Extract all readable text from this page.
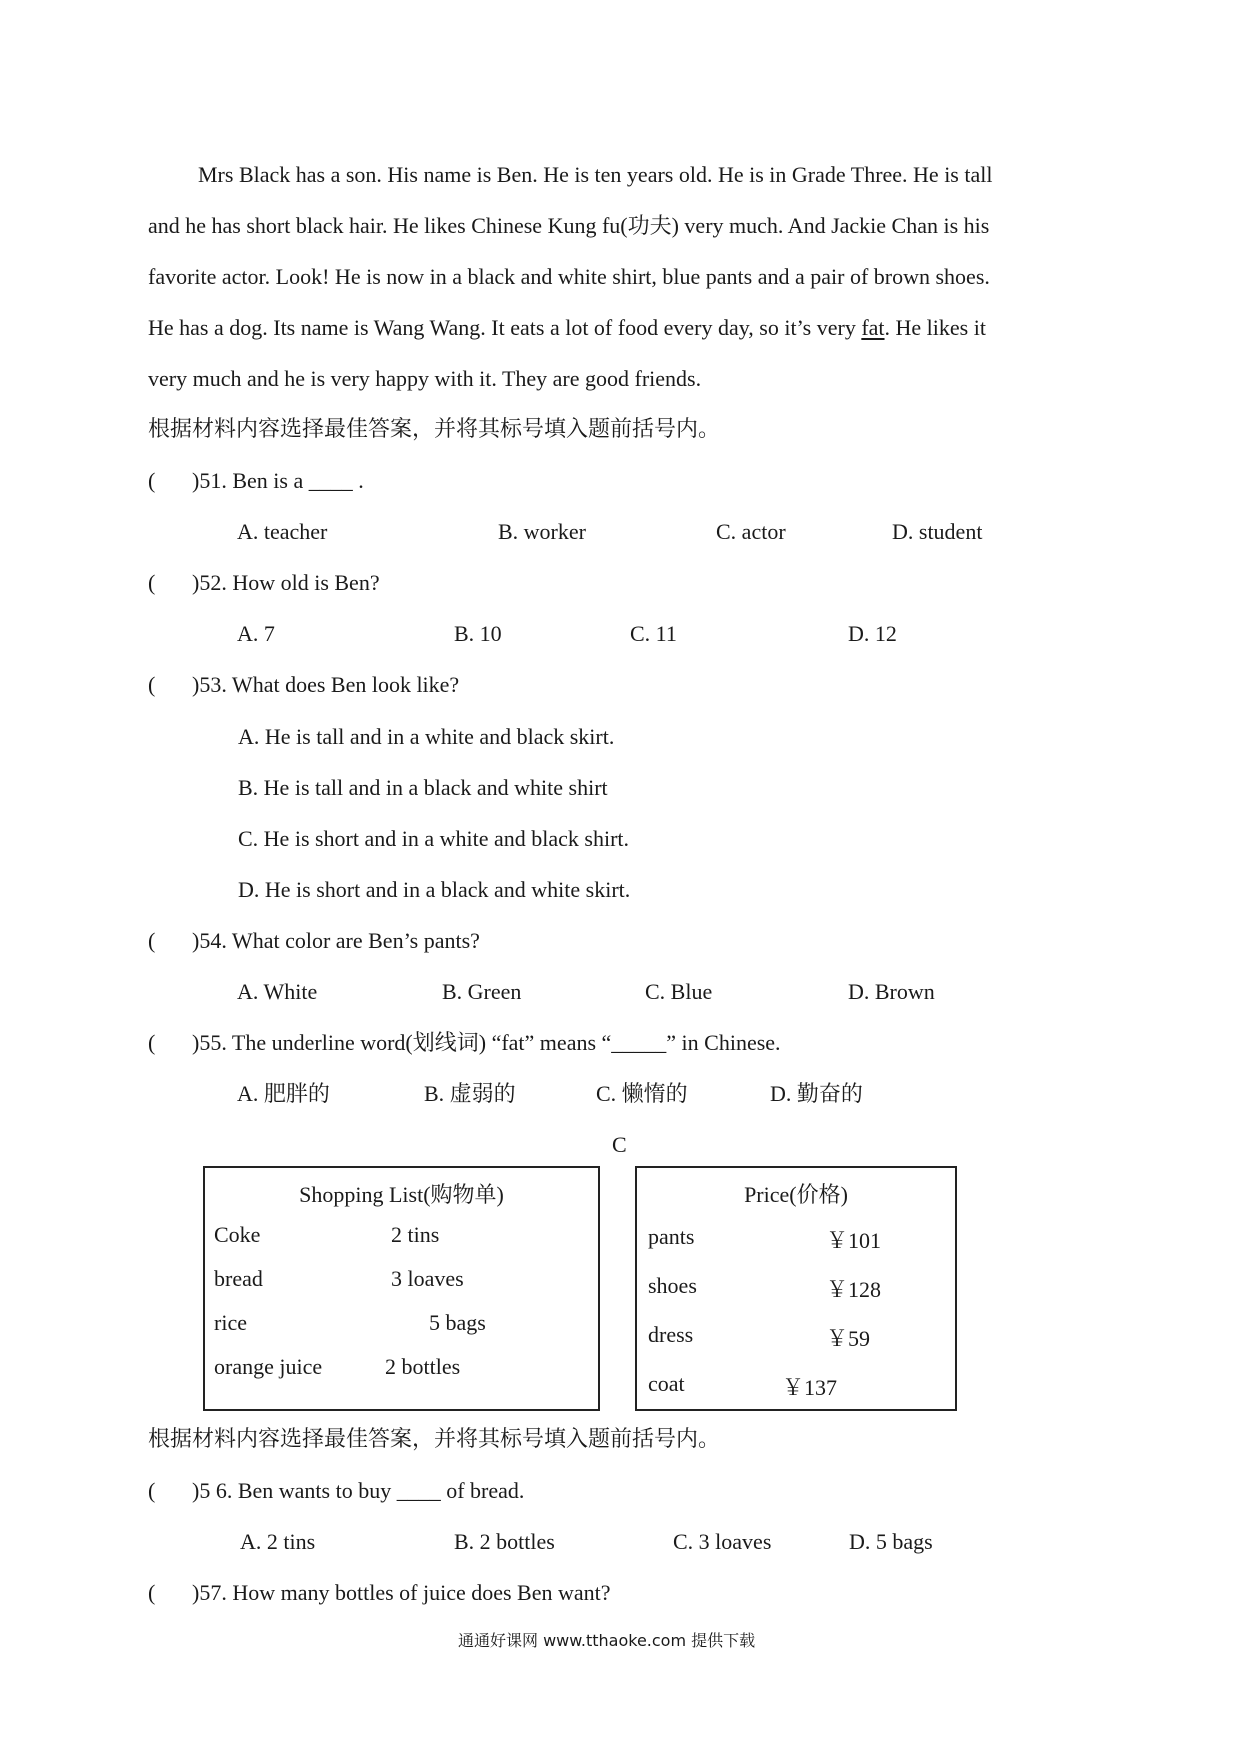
Mrs Black has a son. His name is Ben. He is ten years old. He is in Grade Three. He is tall
and he has short black hair. He likes Chinese Kung fu(功夫) very much. And Jackie Chan is his
favorite actor. Look! He is now in a black and white shirt, blue pants and a pair of brown shoes.
He has a dog. Its name is Wang Wang. It eats a lot of food every day, so it’s very fat. He likes it
very much and he is very happy with it. They are good friends.
根据材料内容选择最佳答案，并将其标号填入题前括号内。
( )51. Ben is a ____ .
A. teacher	B. worker	C. actor	D. student
( )52. How old is Ben?
A. 7	B. 10	C. 11	D. 12
( )53. What does Ben look like?
A. He is tall and in a white and black skirt.
B. He is tall and in a black and white shirt
C. He is short and in a white and black shirt.
D. He is short and in a black and white skirt.
( )54. What color are Ben’s pants?
A. White	B. Green	C. Blue	D. Brown
( )55. The underline word(划线词) “fat” means “_____” in Chinese.
A. 肥胖的	B. 虚弱的	C. 懒惰的	D. 勤奋的
C
Shopping List(购物单)
Coke	2 tins
bread	3 loaves
rice	5 bags
orange juice	2 bottles
Price(价格)
pants	￥101
shoes	￥128
dress	￥59
coat	￥137
根据材料内容选择最佳答案，并将其标号填入题前括号内。
( )5 6. Ben wants to buy ____ of bread.
A. 2 tins	B. 2 bottles	C. 3 loaves	D. 5 bags
( )57. How many bottles of juice does Ben want?
通通好课网 www.tthaoke.com 提供下载
